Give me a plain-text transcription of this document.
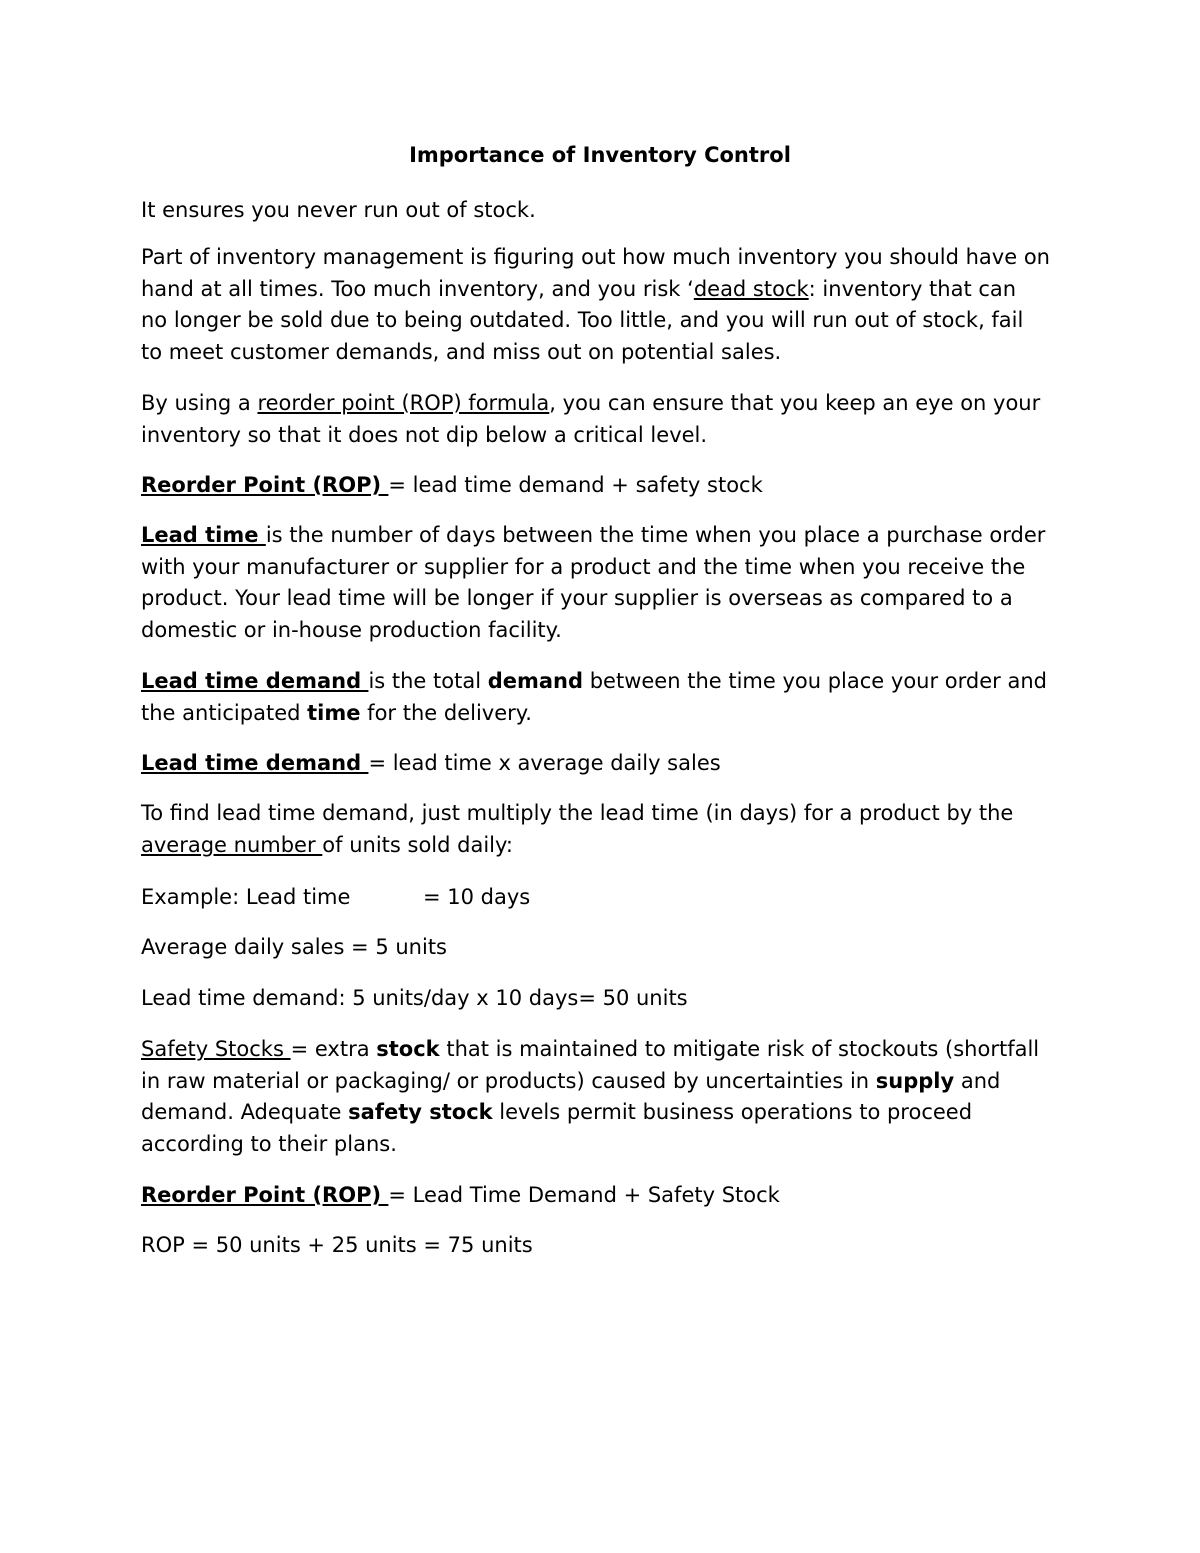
Importance of Inventory Control

It ensures you never run out of stock.

Part of inventory management is figuring out how much inventory you should have on
hand at all times. Too much inventory, and you risk ‘dead stock: inventory that can
no longer be sold due to being outdated. Too little, and you will run out of stock, fail
to meet customer demands, and miss out on potential sales.
By using a reorder point (ROP) formula, you can ensure that you keep an eye on your
inventory so that it does not dip below a critical level.
Reorder Point (ROP) = lead time demand + safety stock
Lead time is the number of days between the time when you place a purchase order
with your manufacturer or supplier for a product and the time when you receive the
product. Your lead time will be longer if your supplier is overseas as compared to a
domestic or in-house production facility.
Lead time demand is the total demand between the time you place your order and
the anticipated time for the delivery.
Lead time demand = lead time x average daily sales
To find lead time demand, just multiply the lead time (in days) for a product by the
average number of units sold daily:
Example: Lead time	= 10 days

Average daily sales = 5 units

Lead time demand: 5 units/day x 10 days= 50 units

Safety Stocks = extra stock that is maintained to mitigate risk of stockouts (shortfall
in raw material or packaging/ or products) caused by uncertainties in supply and
demand. Adequate safety stock levels permit business operations to proceed
according to their plans.
Reorder Point (ROP) = Lead Time Demand + Safety Stock

ROP = 50 units + 25 units = 75 units
